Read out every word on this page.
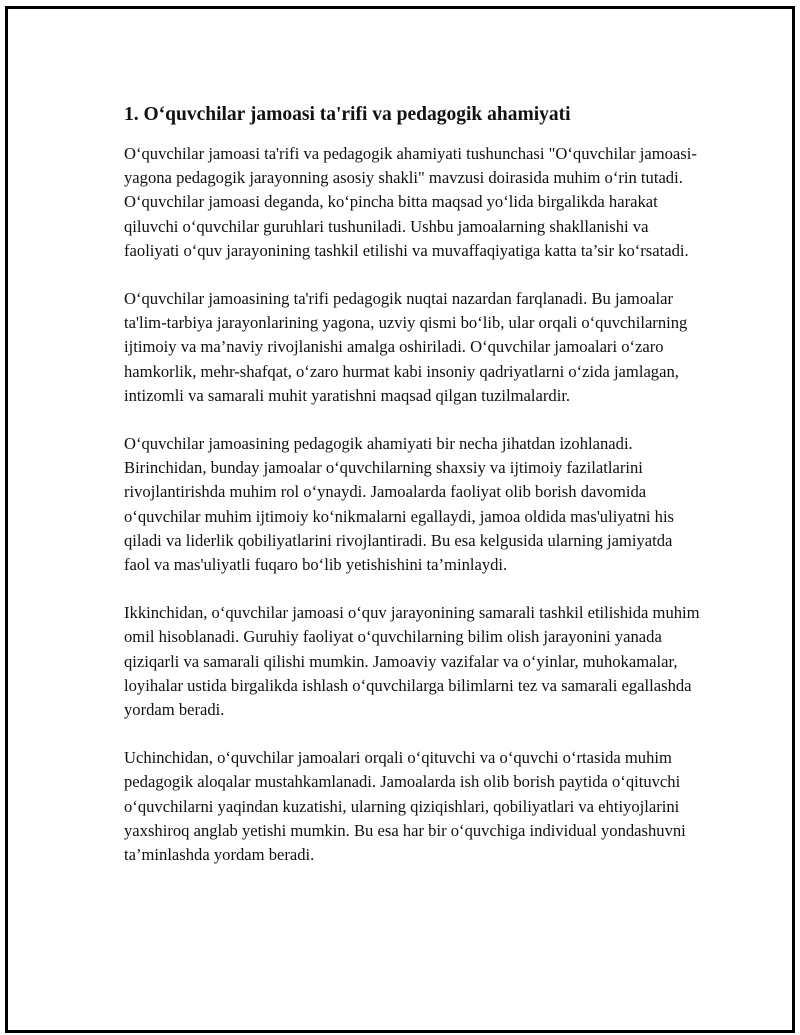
1. O‘quvchilar jamoasi ta'rifi va pedagogik ahamiyati

O‘quvchilar jamoasi ta'rifi va pedagogik ahamiyati tushunchasi "O‘quvchilar jamoasi-yagona pedagogik jarayonning asosiy shakli" mavzusi doirasida muhim o‘rin tutadi. O‘quvchilar jamoasi deganda, ko‘pincha bitta maqsad yo‘lida birgalikda harakat qiluvchi o‘quvchilar guruhlari tushuniladi. Ushbu jamoalarning shakllanishi va faoliyati o‘quv jarayonining tashkil etilishi va muvaffaqiyatiga katta ta’sir ko‘rsatadi.

O‘quvchilar jamoasining ta'rifi pedagogik nuqtai nazardan farqlanadi. Bu jamoalar ta'lim-tarbiya jarayonlarining yagona, uzviy qismi bo‘lib, ular orqali o‘quvchilarning ijtimoiy va ma’naviy rivojlanishi amalga oshiriladi. O‘quvchilar jamoalari o‘zaro hamkorlik, mehr-shafqat, o‘zaro hurmat kabi insoniy qadriyatlarni o‘zida jamlagan, intizomli va samarali muhit yaratishni maqsad qilgan tuzilmalardir.

O‘quvchilar jamoasining pedagogik ahamiyati bir necha jihatdan izohlanadi. Birinchidan, bunday jamoalar o‘quvchilarning shaxsiy va ijtimoiy fazilatlarini rivojlantirishda muhim rol o‘ynaydi. Jamoalarda faoliyat olib borish davomida o‘quvchilar muhim ijtimoiy ko‘nikmalarni egallaydi, jamoa oldida mas'uliyatni his qiladi va liderlik qobiliyatlarini rivojlantiradi. Bu esa kelgusida ularning jamiyatda faol va mas'uliyatli fuqaro bo‘lib yetishishini ta’minlaydi.

Ikkinchidan, o‘quvchilar jamoasi o‘quv jarayonining samarali tashkil etilishida muhim omil hisoblanadi. Guruhiy faoliyat o‘quvchilarning bilim olish jarayonini yanada qiziqarli va samarali qilishi mumkin. Jamoaviy vazifalar va o‘yinlar, muhokamalar, loyihalar ustida birgalikda ishlash o‘quvchilarga bilimlarni tez va samarali egallashda yordam beradi.

Uchinchidan, o‘quvchilar jamoalari orqali o‘qituvchi va o‘quvchi o‘rtasida muhim pedagogik aloqalar mustahkamlanadi. Jamoalarda ish olib borish paytida o‘qituvchi o‘quvchilarni yaqindan kuzatishi, ularning qiziqishlari, qobiliyatlari va ehtiyojlarini yaxshiroq anglab yetishi mumkin. Bu esa har bir o‘quvchiga individual yondashuvni ta’minlashda yordam beradi.
